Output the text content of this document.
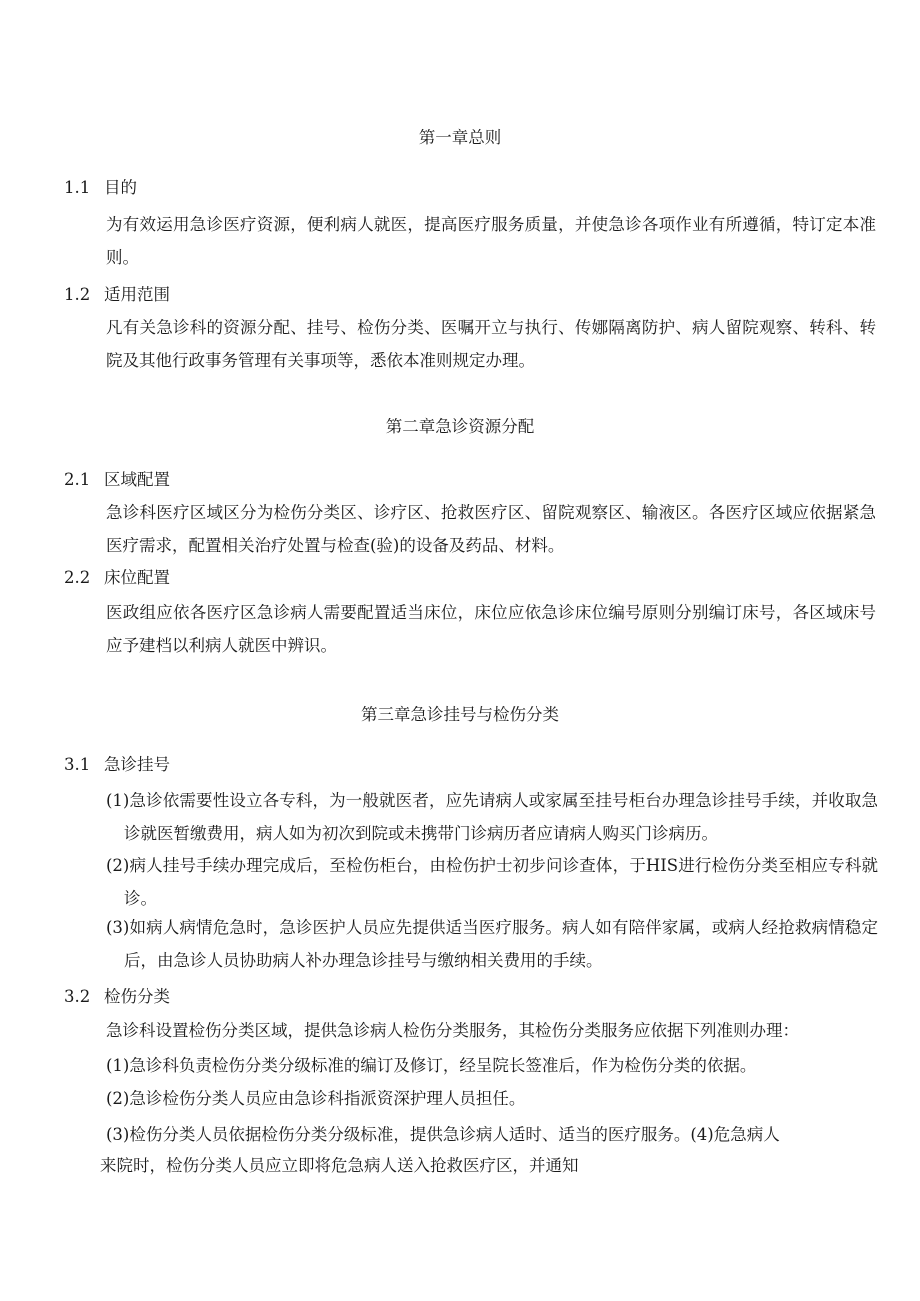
第一章总则
1.1 目的
为有效运用急诊医疗资源，便利病人就医，提高医疗服务质量，并使急诊各项作业有所遵循，特订定本准则。
1.2 适用范围
凡有关急诊科的资源分配、挂号、检伤分类、医嘱开立与执行、传娜隔离防护、病人留院观察、转科、转院及其他行政事务管理有关事项等，悉依本准则规定办理。
第二章急诊资源分配
2.1 区域配置
急诊科医疗区域区分为检伤分类区、诊疗区、抢救医疗区、留院观察区、输液区。各医疗区域应依据紧急医疗需求，配置相关治疗处置与检查(验)的设备及药品、材料。
2.2 床位配置
医政组应依各医疗区急诊病人需要配置适当床位，床位应依急诊床位编号原则分别编订床号，各区域床号应予建档以利病人就医中辨识。
第三章急诊挂号与检伤分类
3.1 急诊挂号
(1)急诊依需要性设立各专科，为一般就医者，应先请病人或家属至挂号柜台办理急诊挂号手续，并收取急诊就医暂缴费用，病人如为初次到院或未携带门诊病历者应请病人购买门诊病历。
(2)病人挂号手续办理完成后，至检伤柜台，由检伤护士初步问诊查体，于HIS进行检伤分类至相应专科就诊。
(3)如病人病情危急时，急诊医护人员应先提供适当医疗服务。病人如有陪伴家属，或病人经抢救病情稳定后，由急诊人员协助病人补办理急诊挂号与缴纳相关费用的手续。
3.2 检伤分类
急诊科设置检伤分类区域，提供急诊病人检伤分类服务，其检伤分类服务应依据下列准则办理：
(1)急诊科负责检伤分类分级标准的编订及修订，经呈院长签准后，作为检伤分类的依据。
(2)急诊检伤分类人员应由急诊科指派资深护理人员担任。
(3)检伤分类人员依据检伤分类分级标准，提供急诊病人适时、适当的医疗服务。(4)危急病人
来院时，检伤分类人员应立即将危急病人送入抢救医疗区，并通知
